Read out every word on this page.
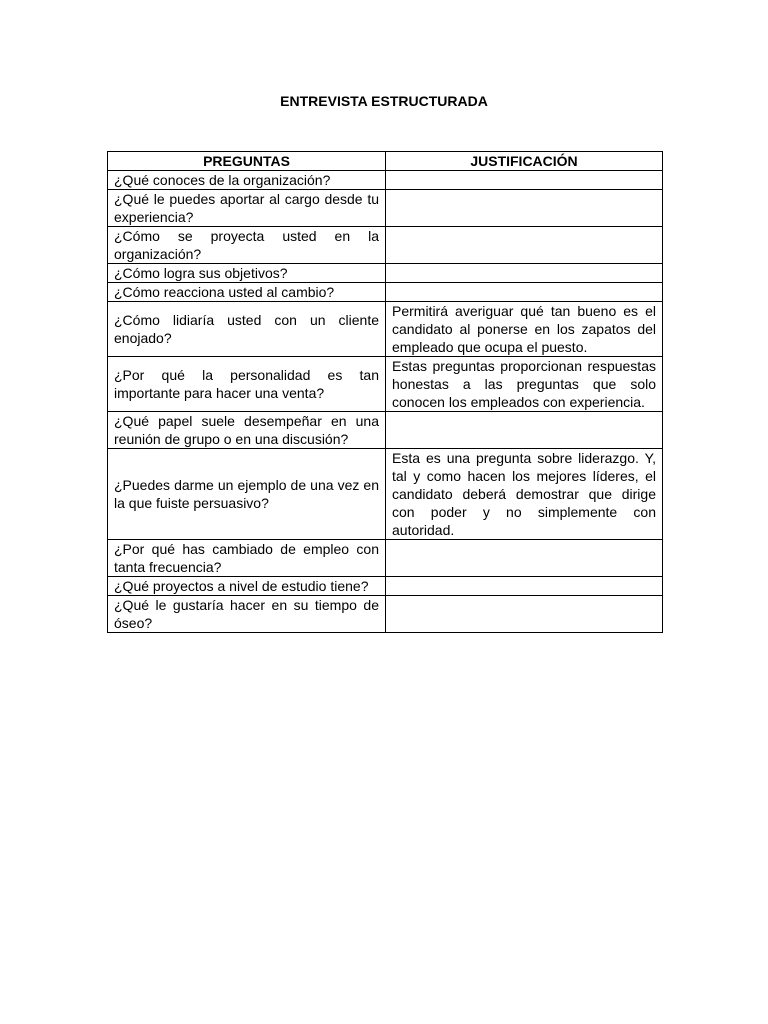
ENTREVISTA ESTRUCTURADA
PREGUNTAS	JUSTIFICACIÓN
¿Qué conoces de la organización?	
¿Qué le puedes aportar al cargo desde tu experiencia?	
¿Cómo se proyecta usted en la organización?	
¿Cómo logra sus objetivos?	
¿Cómo reacciona usted al cambio?	
¿Cómo lidiaría usted con un cliente enojado?	Permitirá averiguar qué tan bueno es el candidato al ponerse en los zapatos del empleado que ocupa el puesto.
¿Por qué la personalidad es tan importante para hacer una venta?	Estas preguntas proporcionan respuestas honestas a las preguntas que solo conocen los empleados con experiencia.
¿Qué papel suele desempeñar en una reunión de grupo o en una discusión?	
¿Puedes darme un ejemplo de una vez en la que fuiste persuasivo?	Esta es una pregunta sobre liderazgo. Y, tal y como hacen los mejores líderes, el candidato deberá demostrar que dirige con poder y no simplemente con autoridad.
¿Por qué has cambiado de empleo con tanta frecuencia?	
¿Qué proyectos a nivel de estudio tiene?	
¿Qué le gustaría hacer en su tiempo de óseo?	
